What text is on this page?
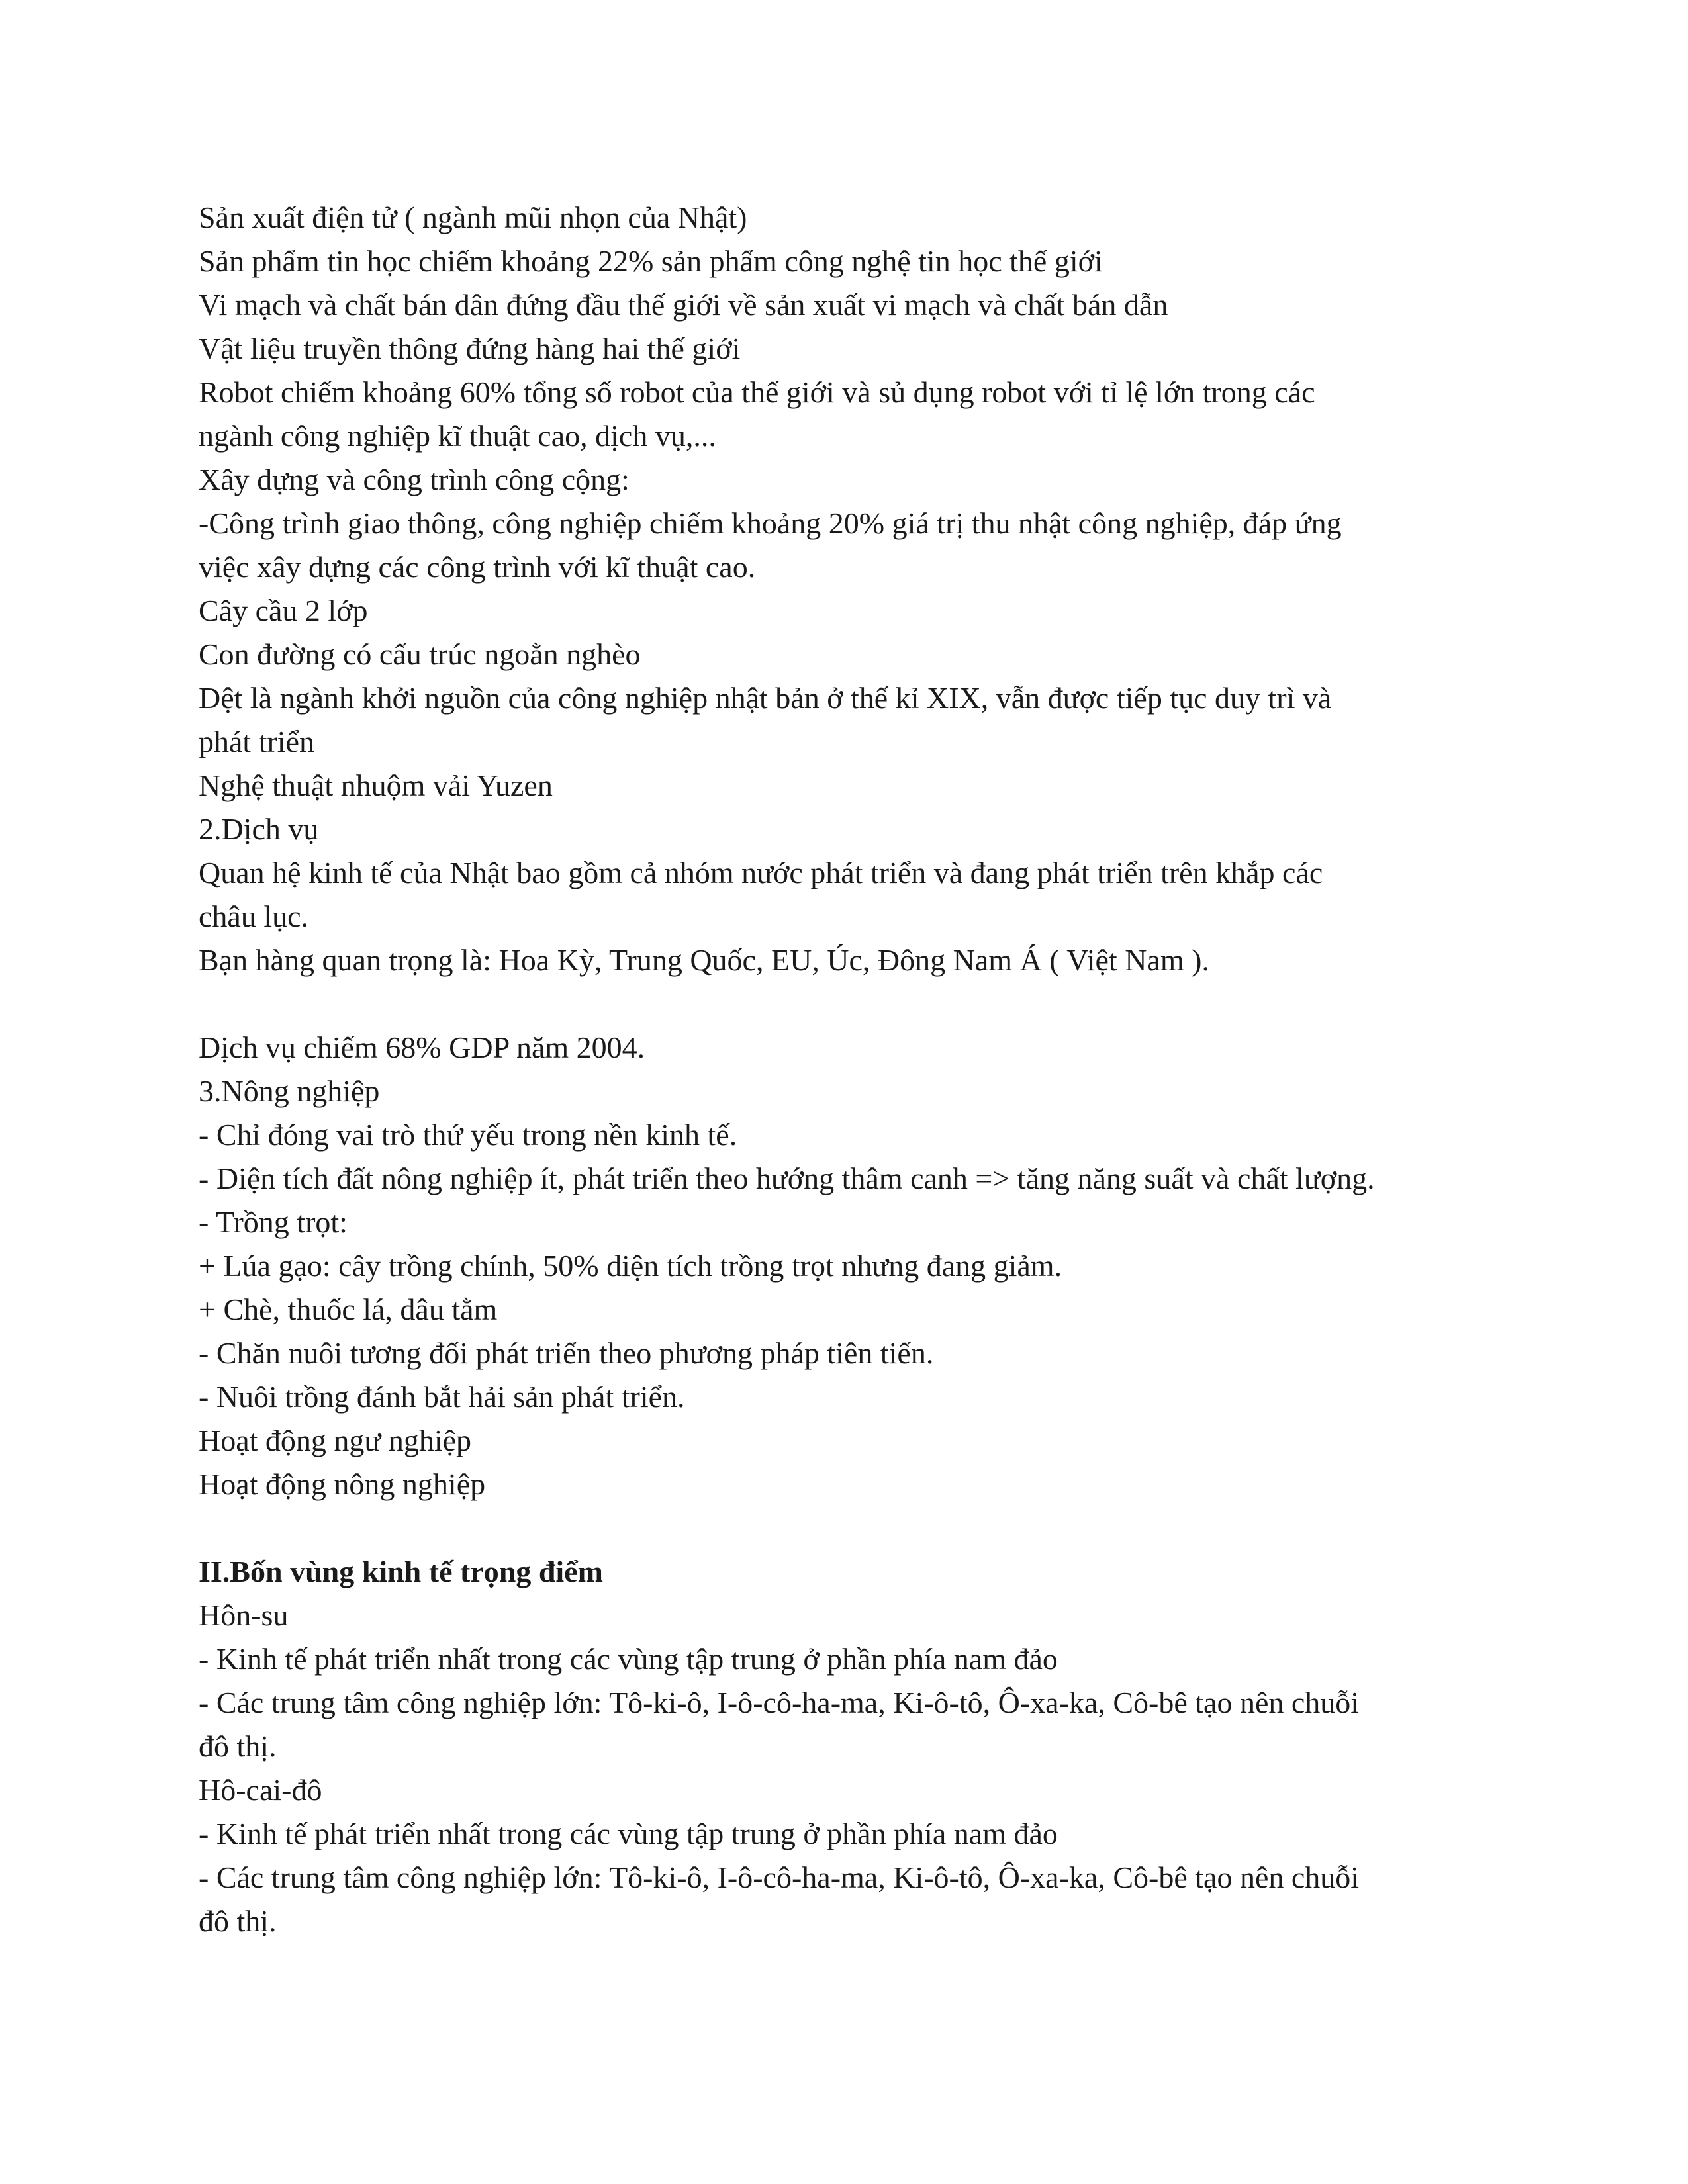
Sản xuất điện tử ( ngành mũi nhọn của Nhật)
Sản phẩm tin học chiếm khoảng 22% sản phẩm công nghệ tin học thế giới
Vi mạch và chất bán dân đứng đầu thế giới về sản xuất vi mạch và chất bán dẫn
Vật liệu truyền thông đứng hàng hai thế giới
Robot chiếm khoảng 60% tổng số robot của thế giới và sủ dụng robot với tỉ lệ lớn trong các
ngành công nghiệp kĩ thuật cao, dịch vụ,...
Xây dựng và công trình công cộng:
-Công trình giao thông, công nghiệp chiếm khoảng 20% giá trị thu nhật công nghiệp, đáp ứng
việc xây dựng các công trình với kĩ thuật cao.
Cây cầu 2 lớp
Con đường có cấu trúc ngoằn nghèo
Dệt là ngành khởi nguồn của công nghiệp nhật bản ở thế kỉ XIX, vẫn được tiếp tục duy trì và
phát triển
Nghệ thuật nhuộm vải Yuzen
2.Dịch vụ
Quan hệ kinh tế của Nhật bao gồm cả nhóm nước phát triển và đang phát triển trên khắp các
châu lục.
Bạn hàng quan trọng là: Hoa Kỳ, Trung Quốc, EU, Úc, Đông Nam Á ( Việt Nam ).
Dịch vụ chiếm 68% GDP năm 2004.
3.Nông nghiệp
- Chỉ đóng vai trò thứ yếu trong nền kinh tế.
- Diện tích đất nông nghiệp ít, phát triển theo hướng thâm canh => tăng năng suất và chất lượng.
- Trồng trọt:
+ Lúa gạo: cây trồng chính, 50% diện tích trồng trọt nhưng đang giảm.
+ Chè, thuốc lá, dâu tằm
- Chăn nuôi tương đối phát triển theo phương pháp tiên tiến.
- Nuôi trồng đánh bắt hải sản phát triển.
Hoạt động ngư nghiệp
Hoạt động nông nghiệp
II.Bốn vùng kinh tế trọng điểm
Hôn-su
- Kinh tế phát triển nhất trong các vùng tập trung ở phần phía nam đảo
- Các trung tâm công nghiệp lớn: Tô-ki-ô, I-ô-cô-ha-ma, Ki-ô-tô, Ô-xa-ka, Cô-bê tạo nên chuỗi
đô thị.
Hô-cai-đô
- Kinh tế phát triển nhất trong các vùng tập trung ở phần phía nam đảo
- Các trung tâm công nghiệp lớn: Tô-ki-ô, I-ô-cô-ha-ma, Ki-ô-tô, Ô-xa-ka, Cô-bê tạo nên chuỗi
đô thị.
